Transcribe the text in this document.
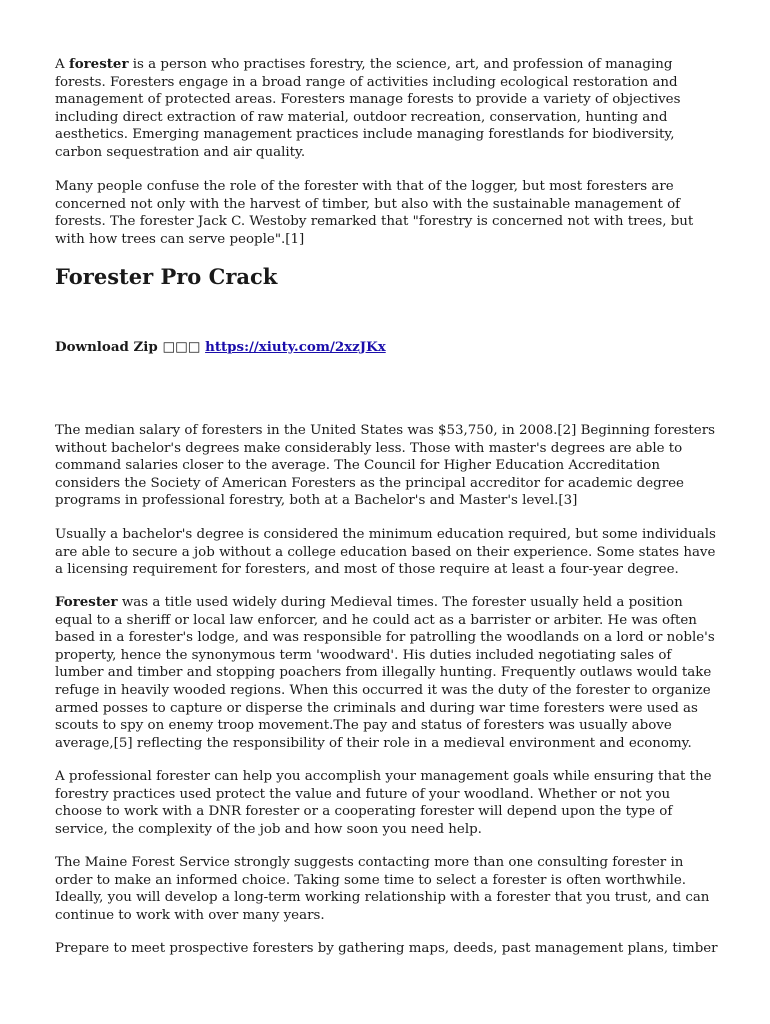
A forester is a person who practises forestry, the science, art, and profession of managing forests. Foresters engage in a broad range of activities including ecological restoration and management of protected areas. Foresters manage forests to provide a variety of objectives including direct extraction of raw material, outdoor recreation, conservation, hunting and aesthetics. Emerging management practices include managing forestlands for biodiversity, carbon sequestration and air quality.

Many people confuse the role of the forester with that of the logger, but most foresters are concerned not only with the harvest of timber, but also with the sustainable management of forests. The forester Jack C. Westoby remarked that "forestry is concerned not with trees, but with how trees can serve people".[1]

Forester Pro Crack
Download Zip □□□ https://xiuty.com/2xzJKx

The median salary of foresters in the United States was $53,750, in 2008.[2] Beginning foresters without bachelor's degrees make considerably less. Those with master's degrees are able to command salaries closer to the average. The Council for Higher Education Accreditation considers the Society of American Foresters as the principal accreditor for academic degree programs in professional forestry, both at a Bachelor's and Master's level.[3]

Usually a bachelor's degree is considered the minimum education required, but some individuals are able to secure a job without a college education based on their experience. Some states have a licensing requirement for foresters, and most of those require at least a four-year degree.

Forester was a title used widely during Medieval times. The forester usually held a position equal to a sheriff or local law enforcer, and he could act as a barrister or arbiter. He was often based in a forester's lodge, and was responsible for patrolling the woodlands on a lord or noble's property, hence the synonymous term 'woodward'. His duties included negotiating sales of lumber and timber and stopping poachers from illegally hunting. Frequently outlaws would take refuge in heavily wooded regions. When this occurred it was the duty of the forester to organize armed posses to capture or disperse the criminals and during war time foresters were used as scouts to spy on enemy troop movement.The pay and status of foresters was usually above average,[5] reflecting the responsibility of their role in a medieval environment and economy.

A professional forester can help you accomplish your management goals while ensuring that the forestry practices used protect the value and future of your woodland. Whether or not you choose to work with a DNR forester or a cooperating forester will depend upon the type of service, the complexity of the job and how soon you need help.

The Maine Forest Service strongly suggests contacting more than one consulting forester in order to make an informed choice. Taking some time to select a forester is often worthwhile. Ideally, you will develop a long-term working relationship with a forester that you trust, and can continue to work with over many years.

Prepare to meet prospective foresters by gathering maps, deeds, past management plans, timber
